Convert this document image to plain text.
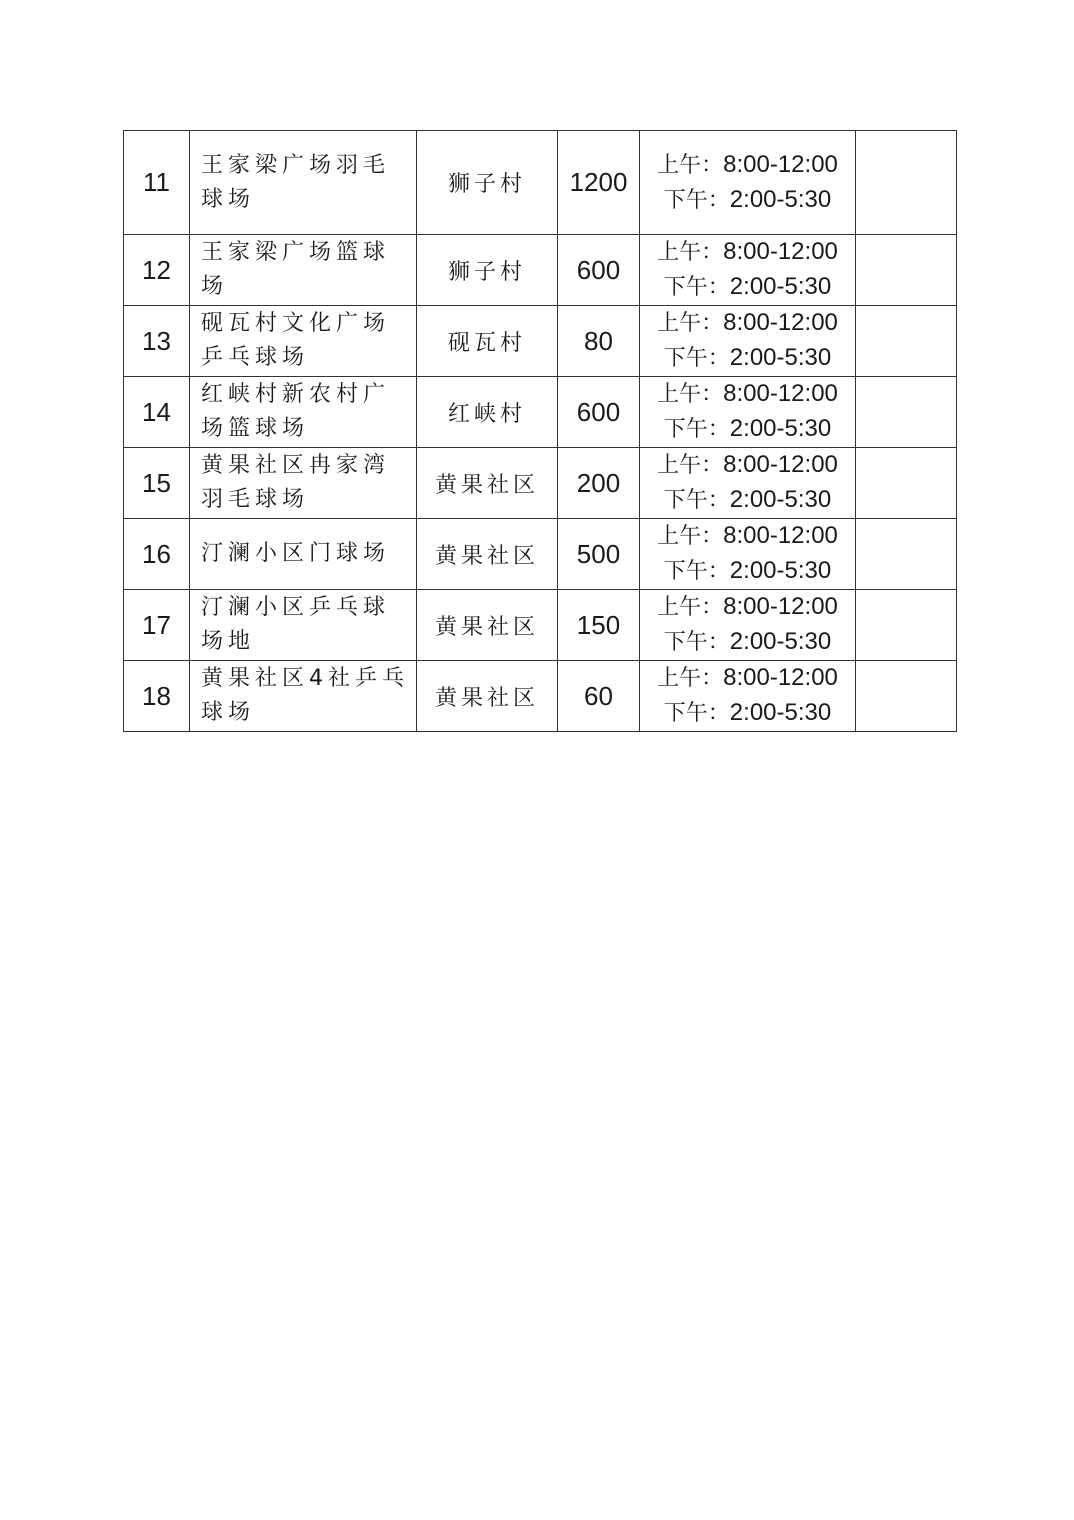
11	王家梁广场羽毛球场	狮子村	1200	上午：8:00-12:00
下午：2:00-5:30	

12	王家梁广场篮球场	狮子村	600	上午：8:00-12:00
下午：2:00-5:30	

13	砚瓦村文化广场乒乓球场	砚瓦村	80	上午：8:00-12:00
下午：2:00-5:30	

14	红峡村新农村广场篮球场	红峡村	600	上午：8:00-12:00
下午：2:00-5:30	

15	黄果社区冉家湾羽毛球场	黄果社区	200	上午：8:00-12:00
下午：2:00-5:30	

16	汀澜小区门球场	黄果社区	500	上午：8:00-12:00
下午：2:00-5:30	

17	汀澜小区乒乓球场地	黄果社区	150	上午：8:00-12:00
下午：2:00-5:30	

18	黄果社区4社乒乓球场	黄果社区	60	上午：8:00-12:00
下午：2:00-5:30	
